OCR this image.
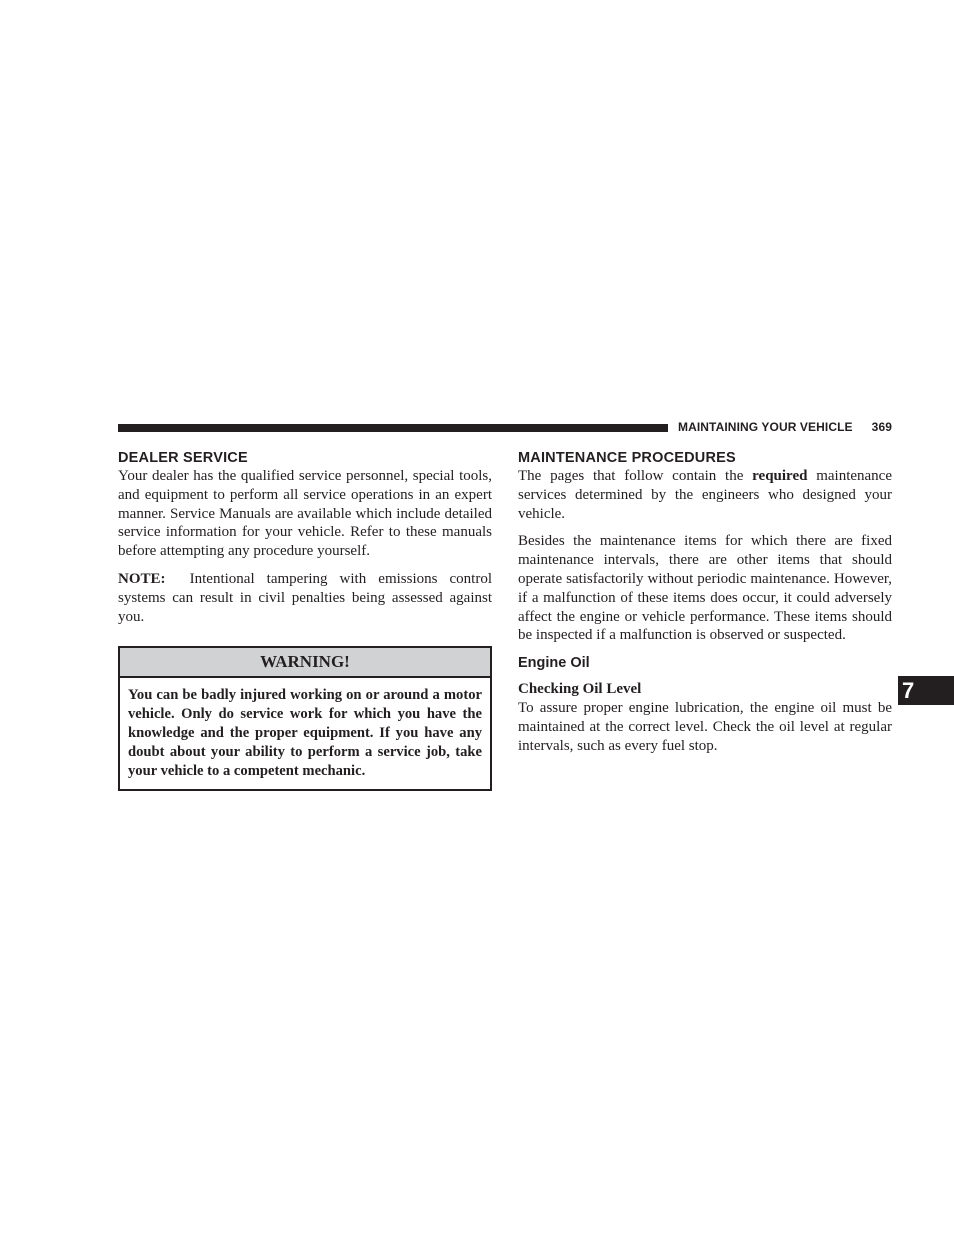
MAINTAINING YOUR VEHICLE 369
DEALER SERVICE

Your dealer has the qualified service personnel, special tools, and equipment to perform all service operations in an expert manner. Service Manuals are available which include detailed service information for your vehicle. Refer to these manuals before attempting any procedure yourself.

NOTE: Intentional tampering with emissions control systems can result in civil penalties being assessed against you.

WARNING!
You can be badly injured working on or around a motor vehicle. Only do service work for which you have the knowledge and the proper equipment. If you have any doubt about your ability to perform a service job, take your vehicle to a competent mechanic.
MAINTENANCE PROCEDURES

The pages that follow contain the required maintenance services determined by the engineers who designed your vehicle.

Besides the maintenance items for which there are fixed maintenance intervals, there are other items that should operate satisfactorily without periodic maintenance. However, if a malfunction of these items does occur, it could adversely affect the engine or vehicle performance. These items should be inspected if a malfunction is observed or suspected.

Engine Oil
Checking Oil Level

To assure proper engine lubrication, the engine oil must be maintained at the correct level. Check the oil level at regular intervals, such as every fuel stop.

7
